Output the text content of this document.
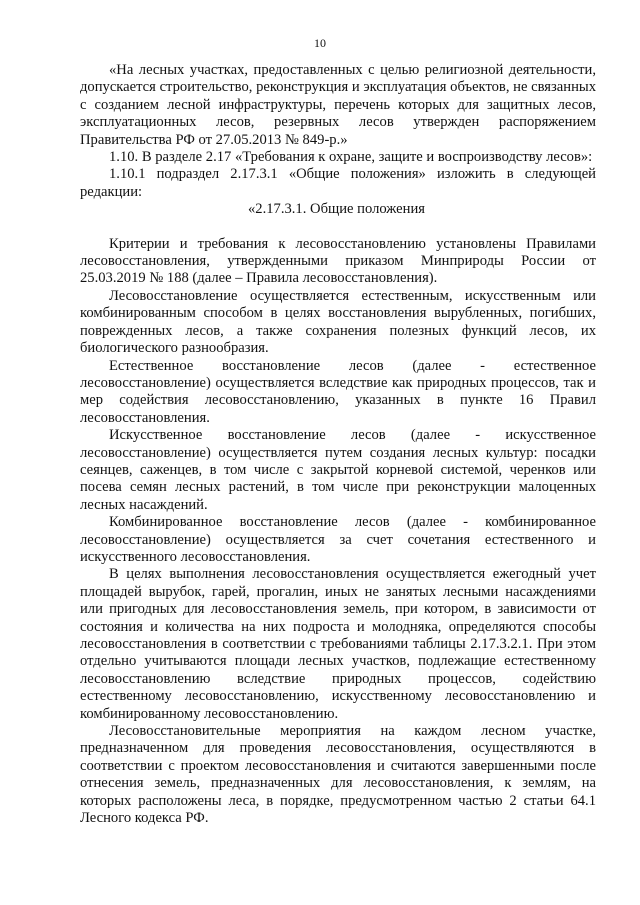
10

«На лесных участках, предоставленных с целью религиозной деятельности, допускается строительство, реконструкция и эксплуатация объектов, не связанных с созданием лесной инфраструктуры, перечень которых для защитных лесов, эксплуатационных лесов, резервных лесов утвержден распоряжением Правительства РФ от 27.05.2013 № 849-р.»

1.10. В разделе 2.17 «Требования к охране, защите и воспроизводству лесов»:

1.10.1 подраздел 2.17.3.1 «Общие положения» изложить в следующей редакции:

«2.17.3.1. Общие положения

Критерии и требования к лесовосстановлению установлены Правилами лесовосстановления, утвержденными приказом Минприроды России от 25.03.2019 № 188 (далее – Правила лесовосстановления).

Лесовосстановление осуществляется естественным, искусственным или комбинированным способом в целях восстановления вырубленных, погибших, поврежденных лесов, а также сохранения полезных функций лесов, их биологического разнообразия.

Естественное восстановление лесов (далее - естественное лесовосстановление) осуществляется вследствие как природных процессов, так и мер содействия лесовосстановлению, указанных в пункте 16 Правил лесовосстановления.

Искусственное восстановление лесов (далее - искусственное лесовосстановление) осуществляется путем создания лесных культур: посадки сеянцев, саженцев, в том числе с закрытой корневой системой, черенков или посева семян лесных растений, в том числе при реконструкции малоценных лесных насаждений.

Комбинированное восстановление лесов (далее - комбинированное лесовосстановление) осуществляется за счет сочетания естественного и искусственного лесовосстановления.

В целях выполнения лесовосстановления осуществляется ежегодный учет площадей вырубок, гарей, прогалин, иных не занятых лесными насаждениями или пригодных для лесовосстановления земель, при котором, в зависимости от состояния и количества на них подроста и молодняка, определяются способы лесовосстановления в соответствии с требованиями таблицы 2.17.3.2.1. При этом отдельно учитываются площади лесных участков, подлежащие естественному лесовосстановлению вследствие природных процессов, содействию естественному лесовосстановлению, искусственному лесовосстановлению и комбинированному лесовосстановлению.

Лесовосстановительные мероприятия на каждом лесном участке, предназначенном для проведения лесовосстановления, осуществляются в соответствии с проектом лесовосстановления и считаются завершенными после отнесения земель, предназначенных для лесовосстановления, к землям, на которых расположены леса, в порядке, предусмотренном частью 2 статьи 64.1 Лесного кодекса РФ.
